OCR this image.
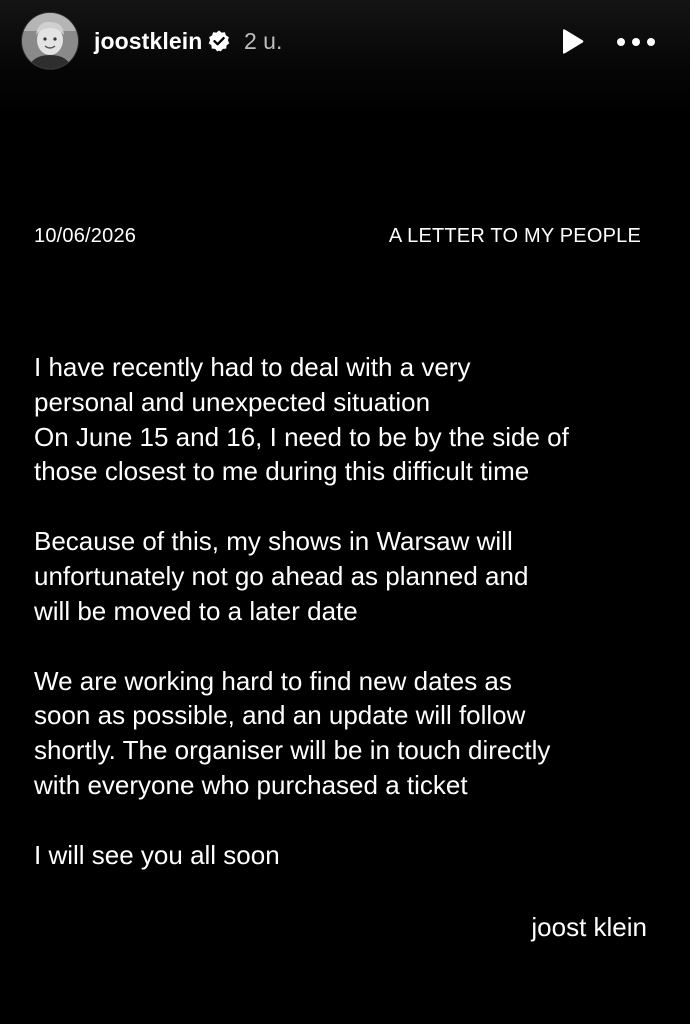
joostklein 2 u.
10/06/2026	A LETTER TO MY PEOPLE
I have recently had to deal with a very
personal and unexpected situation
On June 15 and 16, I need to be by the side of
those closest to me during this difficult time
Because of this, my shows in Warsaw will
unfortunately not go ahead as planned and
will be moved to a later date
We are working hard to find new dates as
soon as possible, and an update will follow
shortly. The organiser will be in touch directly
with everyone who purchased a ticket
I will see you all soon
joost klein
